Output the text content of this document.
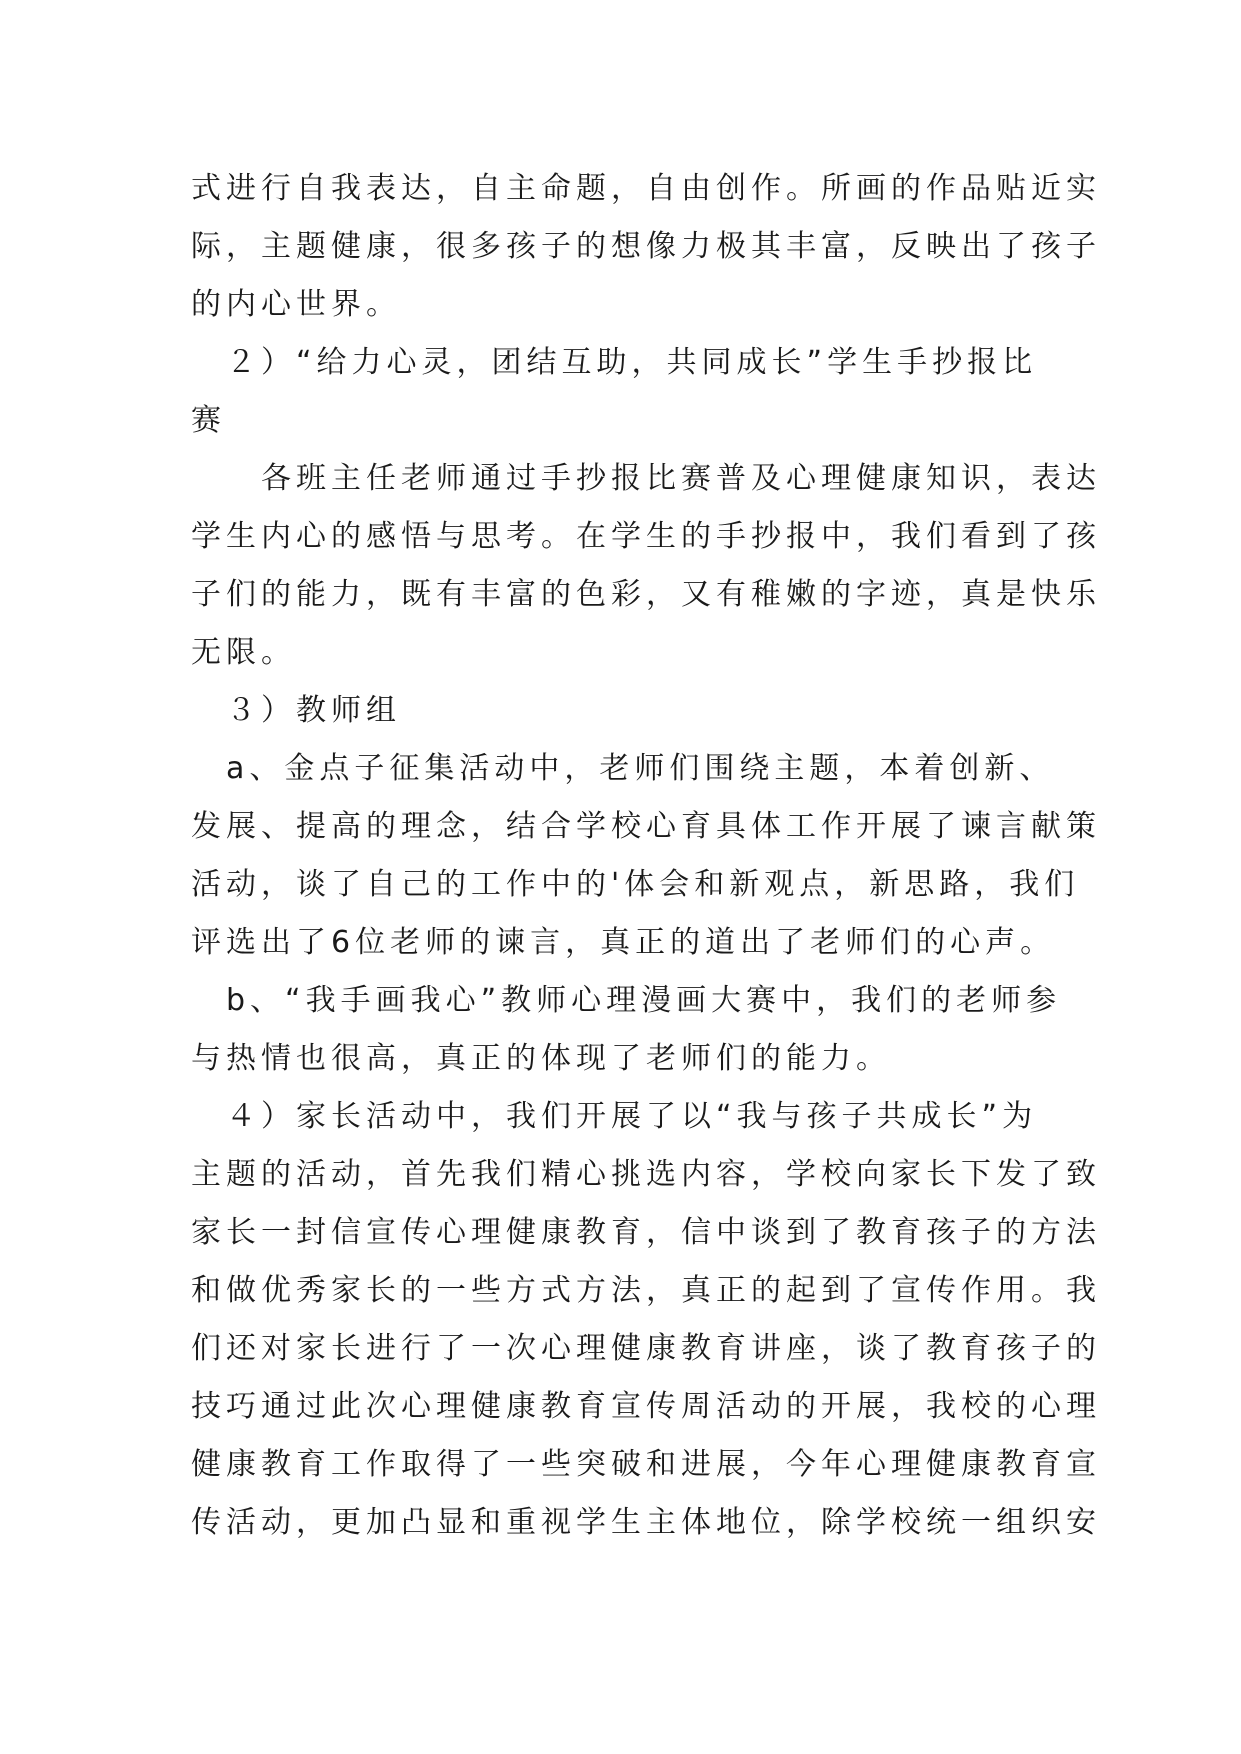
式进行自我表达，自主命题，自由创作。所画的作品贴近实
际，主题健康，很多孩子的想像力极其丰富，反映出了孩子
的内心世界。
　２）“给力心灵，团结互助，共同成长”学生手抄报比
赛
　　各班主任老师通过手抄报比赛普及心理健康知识，表达
学生内心的感悟与思考。在学生的手抄报中，我们看到了孩
子们的能力，既有丰富的色彩，又有稚嫩的字迹，真是快乐
无限。
　３）教师组
　a、金点子征集活动中，老师们围绕主题，本着创新、
发展、提高的理念，结合学校心育具体工作开展了谏言献策
活动，谈了自己的工作中的'体会和新观点，新思路，我们
评选出了6位老师的谏言，真正的道出了老师们的心声。
　b、“我手画我心”教师心理漫画大赛中，我们的老师参
与热情也很高，真正的体现了老师们的能力。
　４）家长活动中，我们开展了以“我与孩子共成长”为
主题的活动，首先我们精心挑选内容，学校向家长下发了致
家长一封信宣传心理健康教育，信中谈到了教育孩子的方法
和做优秀家长的一些方式方法，真正的起到了宣传作用。我
们还对家长进行了一次心理健康教育讲座，谈了教育孩子的
技巧通过此次心理健康教育宣传周活动的开展，我校的心理
健康教育工作取得了一些突破和进展，今年心理健康教育宣
传活动，更加凸显和重视学生主体地位，除学校统一组织安
